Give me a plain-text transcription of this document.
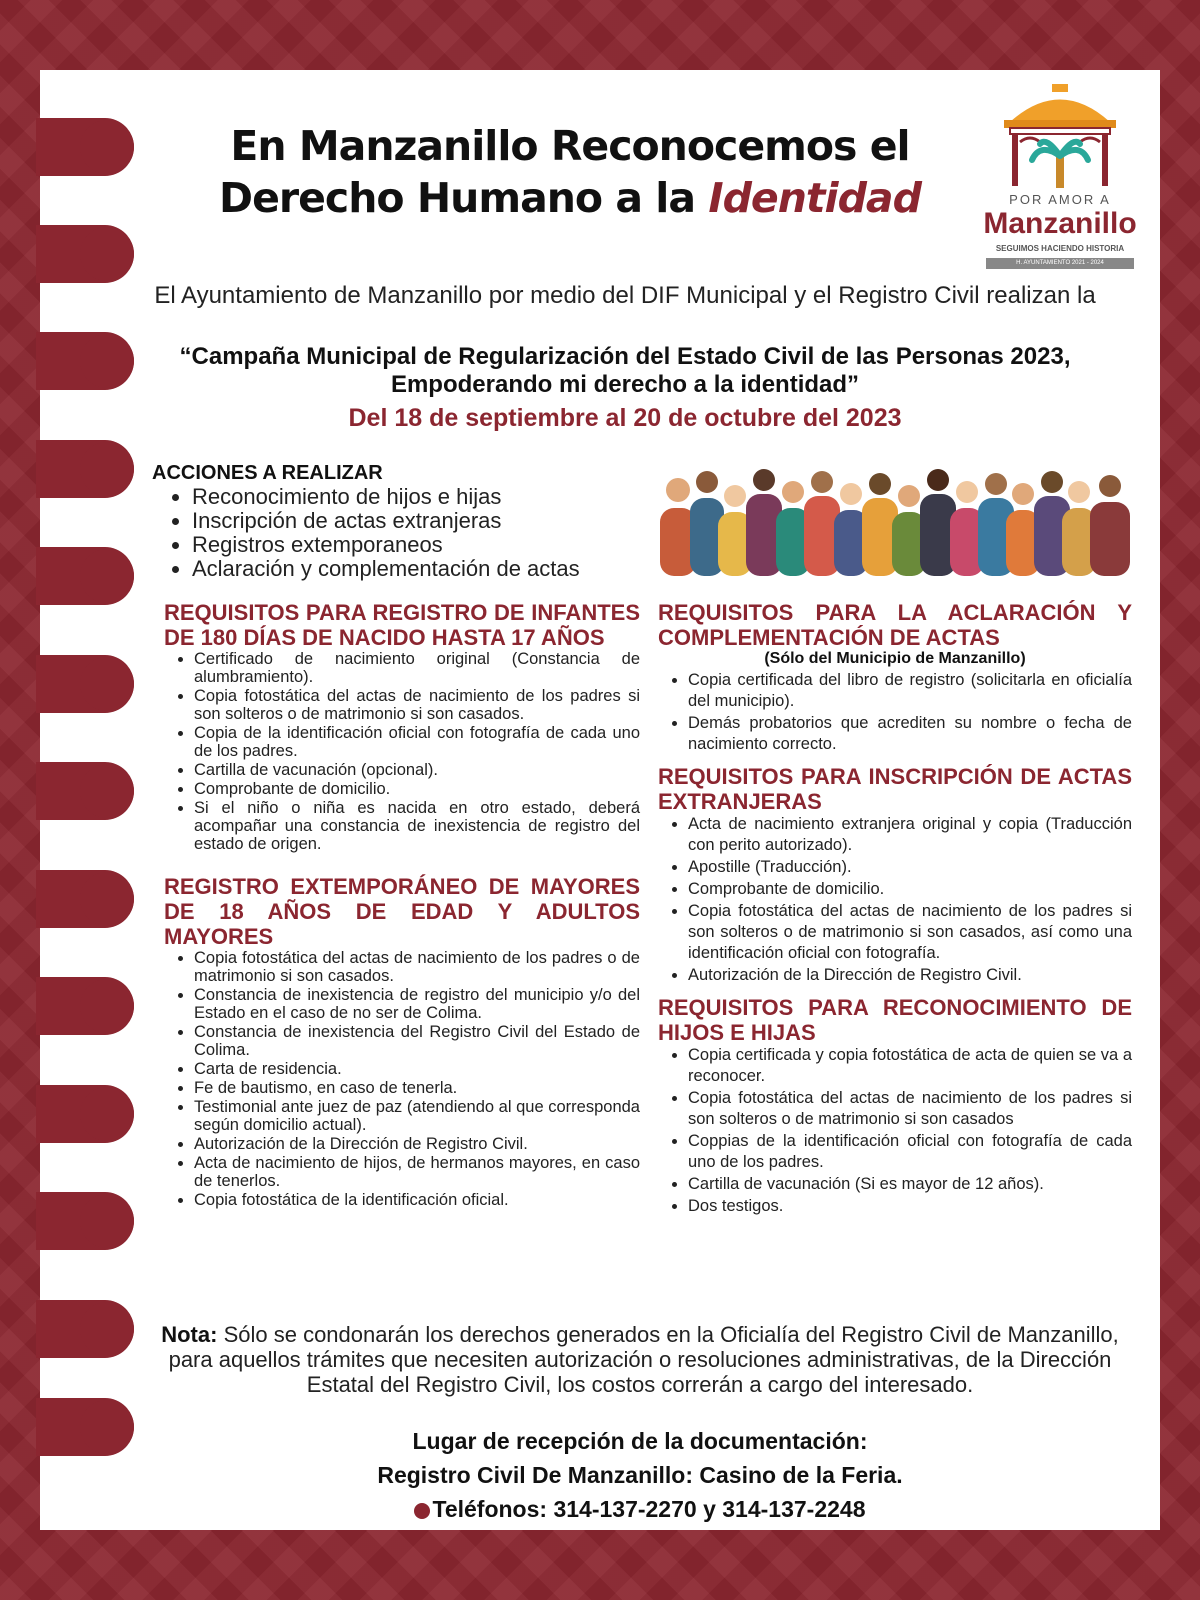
En Manzanillo Reconocemos el
Derecho Humano a la Identidad	POR AMOR A
Manzanillo
SEGUIMOS HACIENDO HISTORIA
H. AYUNTAMIENTO 2021 - 2024
El Ayuntamiento de Manzanillo por medio del DIF Municipal y el Registro Civil realizan la
“Campaña Municipal de Regularización del Estado Civil de las Personas 2023, Empoderando mi derecho a la identidad”
Del 18 de septiembre al 20 de octubre del 2023
ACCIONES A REALIZAR
• Reconocimiento de hijos e hijas
• Inscripción de actas extranjeras
• Registros extemporaneos
• Aclaración y complementación de actas
REQUISITOS PARA REGISTRO DE INFANTES DE 180 DÍAS DE NACIDO HASTA 17 AÑOS
• Certificado de nacimiento original (Constancia de alumbramiento).
• Copia fotostática del actas de nacimiento de los padres si son solteros o de matrimonio si son casados.
• Copia de la identificación oficial con fotografía de cada uno de los padres.
• Cartilla de vacunación (opcional).
• Comprobante de domicilio.
• Si el niño o niña es nacida en otro estado, deberá acompañar una constancia de inexistencia de registro del estado de origen.
REGISTRO EXTEMPORÁNEO DE MAYORES DE 18 AÑOS DE EDAD Y ADULTOS MAYORES
• Copia fotostática del actas de nacimiento de los padres o de matrimonio si son casados.
• Constancia de inexistencia de registro del municipio y/o del Estado en el caso de no ser de Colima.
• Constancia de inexistencia del Registro Civil del Estado de Colima.
• Carta de residencia.
• Fe de bautismo, en caso de tenerla.
• Testimonial ante juez de paz (atendiendo al que corresponda según domicilio actual).
• Autorización de la Dirección de Registro Civil.
• Acta de nacimiento de hijos, de hermanos mayores, en caso de tenerlos.
• Copia fotostática de la identificación oficial.
REQUISITOS PARA LA ACLARACIÓN Y COMPLEMENTACIÓN DE ACTAS
(Sólo del Municipio de Manzanillo)
• Copia certificada del libro de registro (solicitarla en oficialía del municipio).
• Demás probatorios que acrediten su nombre o fecha de nacimiento correcto.
REQUISITOS PARA INSCRIPCIÓN DE ACTAS EXTRANJERAS
• Acta de nacimiento extranjera original y copia (Traducción con perito autorizado).
• Apostille (Traducción).
• Comprobante de domicilio.
• Copia fotostática del actas de nacimiento de los padres si son solteros o de matrimonio si son casados, así como una identificación oficial con fotografía.
• Autorización de la Dirección de Registro Civil.
REQUISITOS PARA RECONOCIMIENTO DE HIJOS E HIJAS
• Copia certificada y copia fotostática de acta de quien se va a reconocer.
• Copia fotostática del actas de nacimiento de los padres si son solteros o de matrimonio si son casados
• Coppias de la identificación oficial con fotografía de cada uno de los padres.
• Cartilla de vacunación (Si es mayor de 12 años).
• Dos testigos.
Nota: Sólo se condonarán los derechos generados en la Oficialía del Registro Civil de Manzanillo, para aquellos trámites que necesiten autorización o resoluciones administrativas, de la Dirección Estatal del Registro Civil, los costos correrán a cargo del interesado.
Lugar de recepción de la documentación:
Registro Civil De Manzanillo: Casino de la Feria.
Teléfonos: 314-137-2270 y 314-137-2248
